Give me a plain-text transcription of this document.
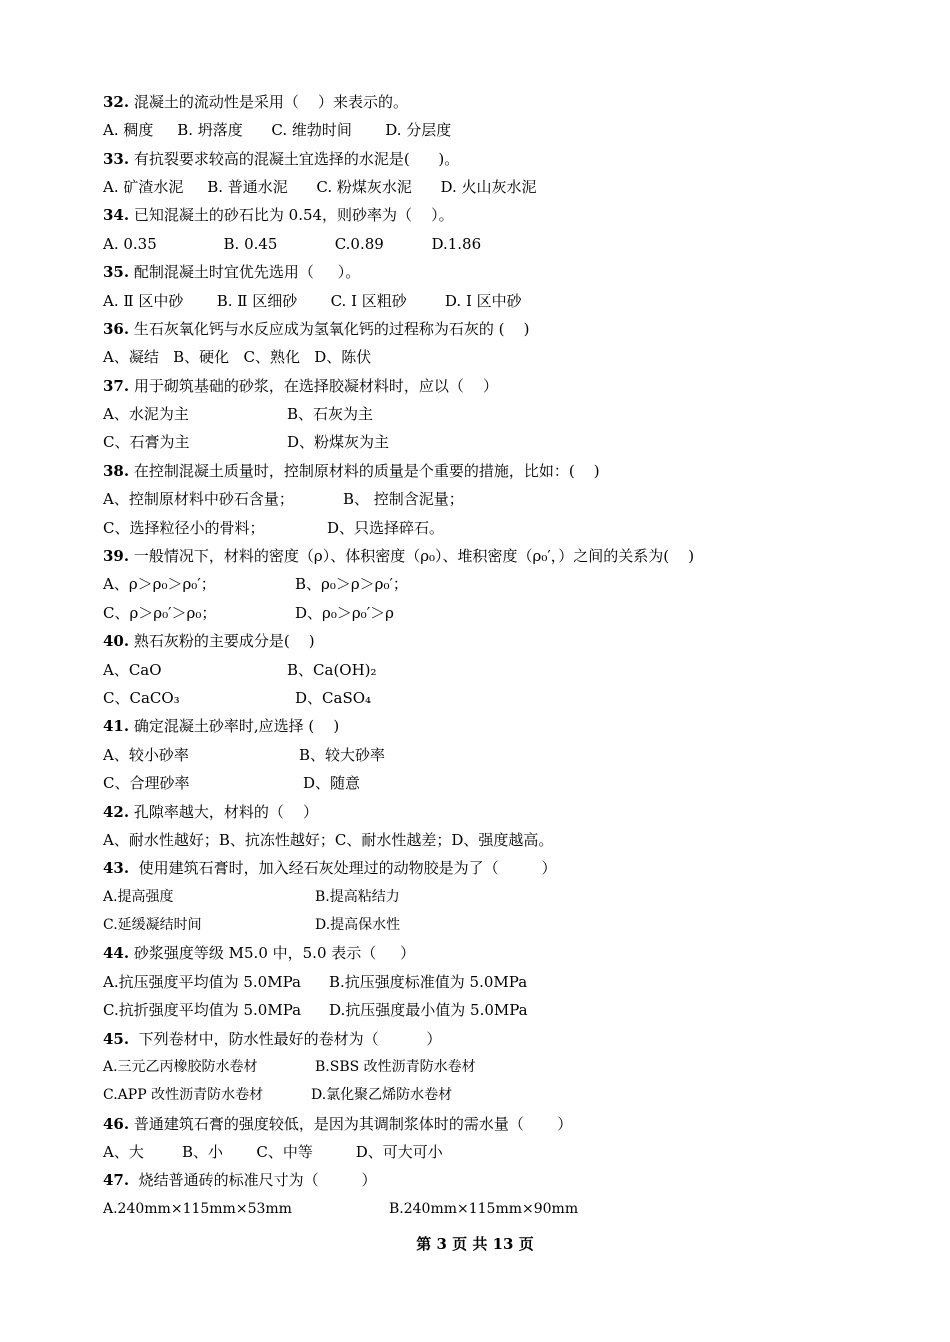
32. 混凝土的流动性是采用（    ）来表示的。
A. 稠度     B. 坍落度      C. 维勃时间       D. 分层度
33. 有抗裂要求较高的混凝土宜选择的水泥是(      )。
A. 矿渣水泥     B. 普通水泥      C. 粉煤灰水泥      D. 火山灰水泥
34. 已知混凝土的砂石比为 0.54，则砂率为（    ）。
A. 0.35              B. 0.45            C.0.89          D.1.86
35. 配制混凝土时宜优先选用（     ）。
A. Ⅱ 区中砂       B. Ⅱ 区细砂       C. Ⅰ 区粗砂        D. Ⅰ 区中砂
36. 生石灰氧化钙与水反应成为氢氧化钙的过程称为石灰的 (    )
A、凝结   B、硬化   C、熟化   D、陈伏
37. 用于砌筑基础的砂浆，在选择胶凝材料时，应以（    ）
A、水泥为主	B、石灰为主
C、石膏为主	D、粉煤灰为主
38. 在控制混凝土质量时，控制原材料的质量是个重要的措施，比如：(    )
A、控制原材料中砂石含量；	B、 控制含泥量；
C、选择粒径小的骨料；	D、只选择碎石。
39. 一般情况下，材料的密度（ρ）、体积密度（ρ₀）、堆积密度（ρ₀′，）之间的关系为(    )
A、ρ＞ρ₀＞ρ₀′；	B、ρ₀＞ρ＞ρ₀′；
C、ρ＞ρ₀′＞ρ₀；	D、ρ₀＞ρ₀′＞ρ
40. 熟石灰粉的主要成分是(    )
A、CaO	B、Ca(OH)₂
C、CaCO₃	D、CaSO₄
41. 确定混凝土砂率时,应选择 (    )
A、较小砂率	B、较大砂率
C、合理砂率	D、随意
42. 孔隙率越大，材料的（    ）
A、耐水性越好；B、抗冻性越好；C、耐水性越差；D、强度越高。
43.  使用建筑石膏时，加入经石灰处理过的动物胶是为了（         ）
A.提高强度	B.提高粘结力
C.延缓凝结时间	D.提高保水性
44. 砂浆强度等级 M5.0 中，5.0 表示（     ）
A.抗压强度平均值为 5.0MPa B.抗压强度标准值为 5.0MPa
C.抗折强度平均值为 5.0MPa D.抗压强度最小值为 5.0MPa
45.  下列卷材中，防水性最好的卷材为（          ）
A.三元乙丙橡胶防水卷材	B.SBS 改性沥青防水卷材
C.APP 改性沥青防水卷材	D.氯化聚乙烯防水卷材
46. 普通建筑石膏的强度较低，是因为其调制浆体时的需水量（       ）
A、大        B、小       C、中等         D、可大可小
47.  烧结普通砖的标准尺寸为（         ）
A.240mm×115mm×53mm	B.240mm×115mm×90mm
第 3 页 共 13 页
